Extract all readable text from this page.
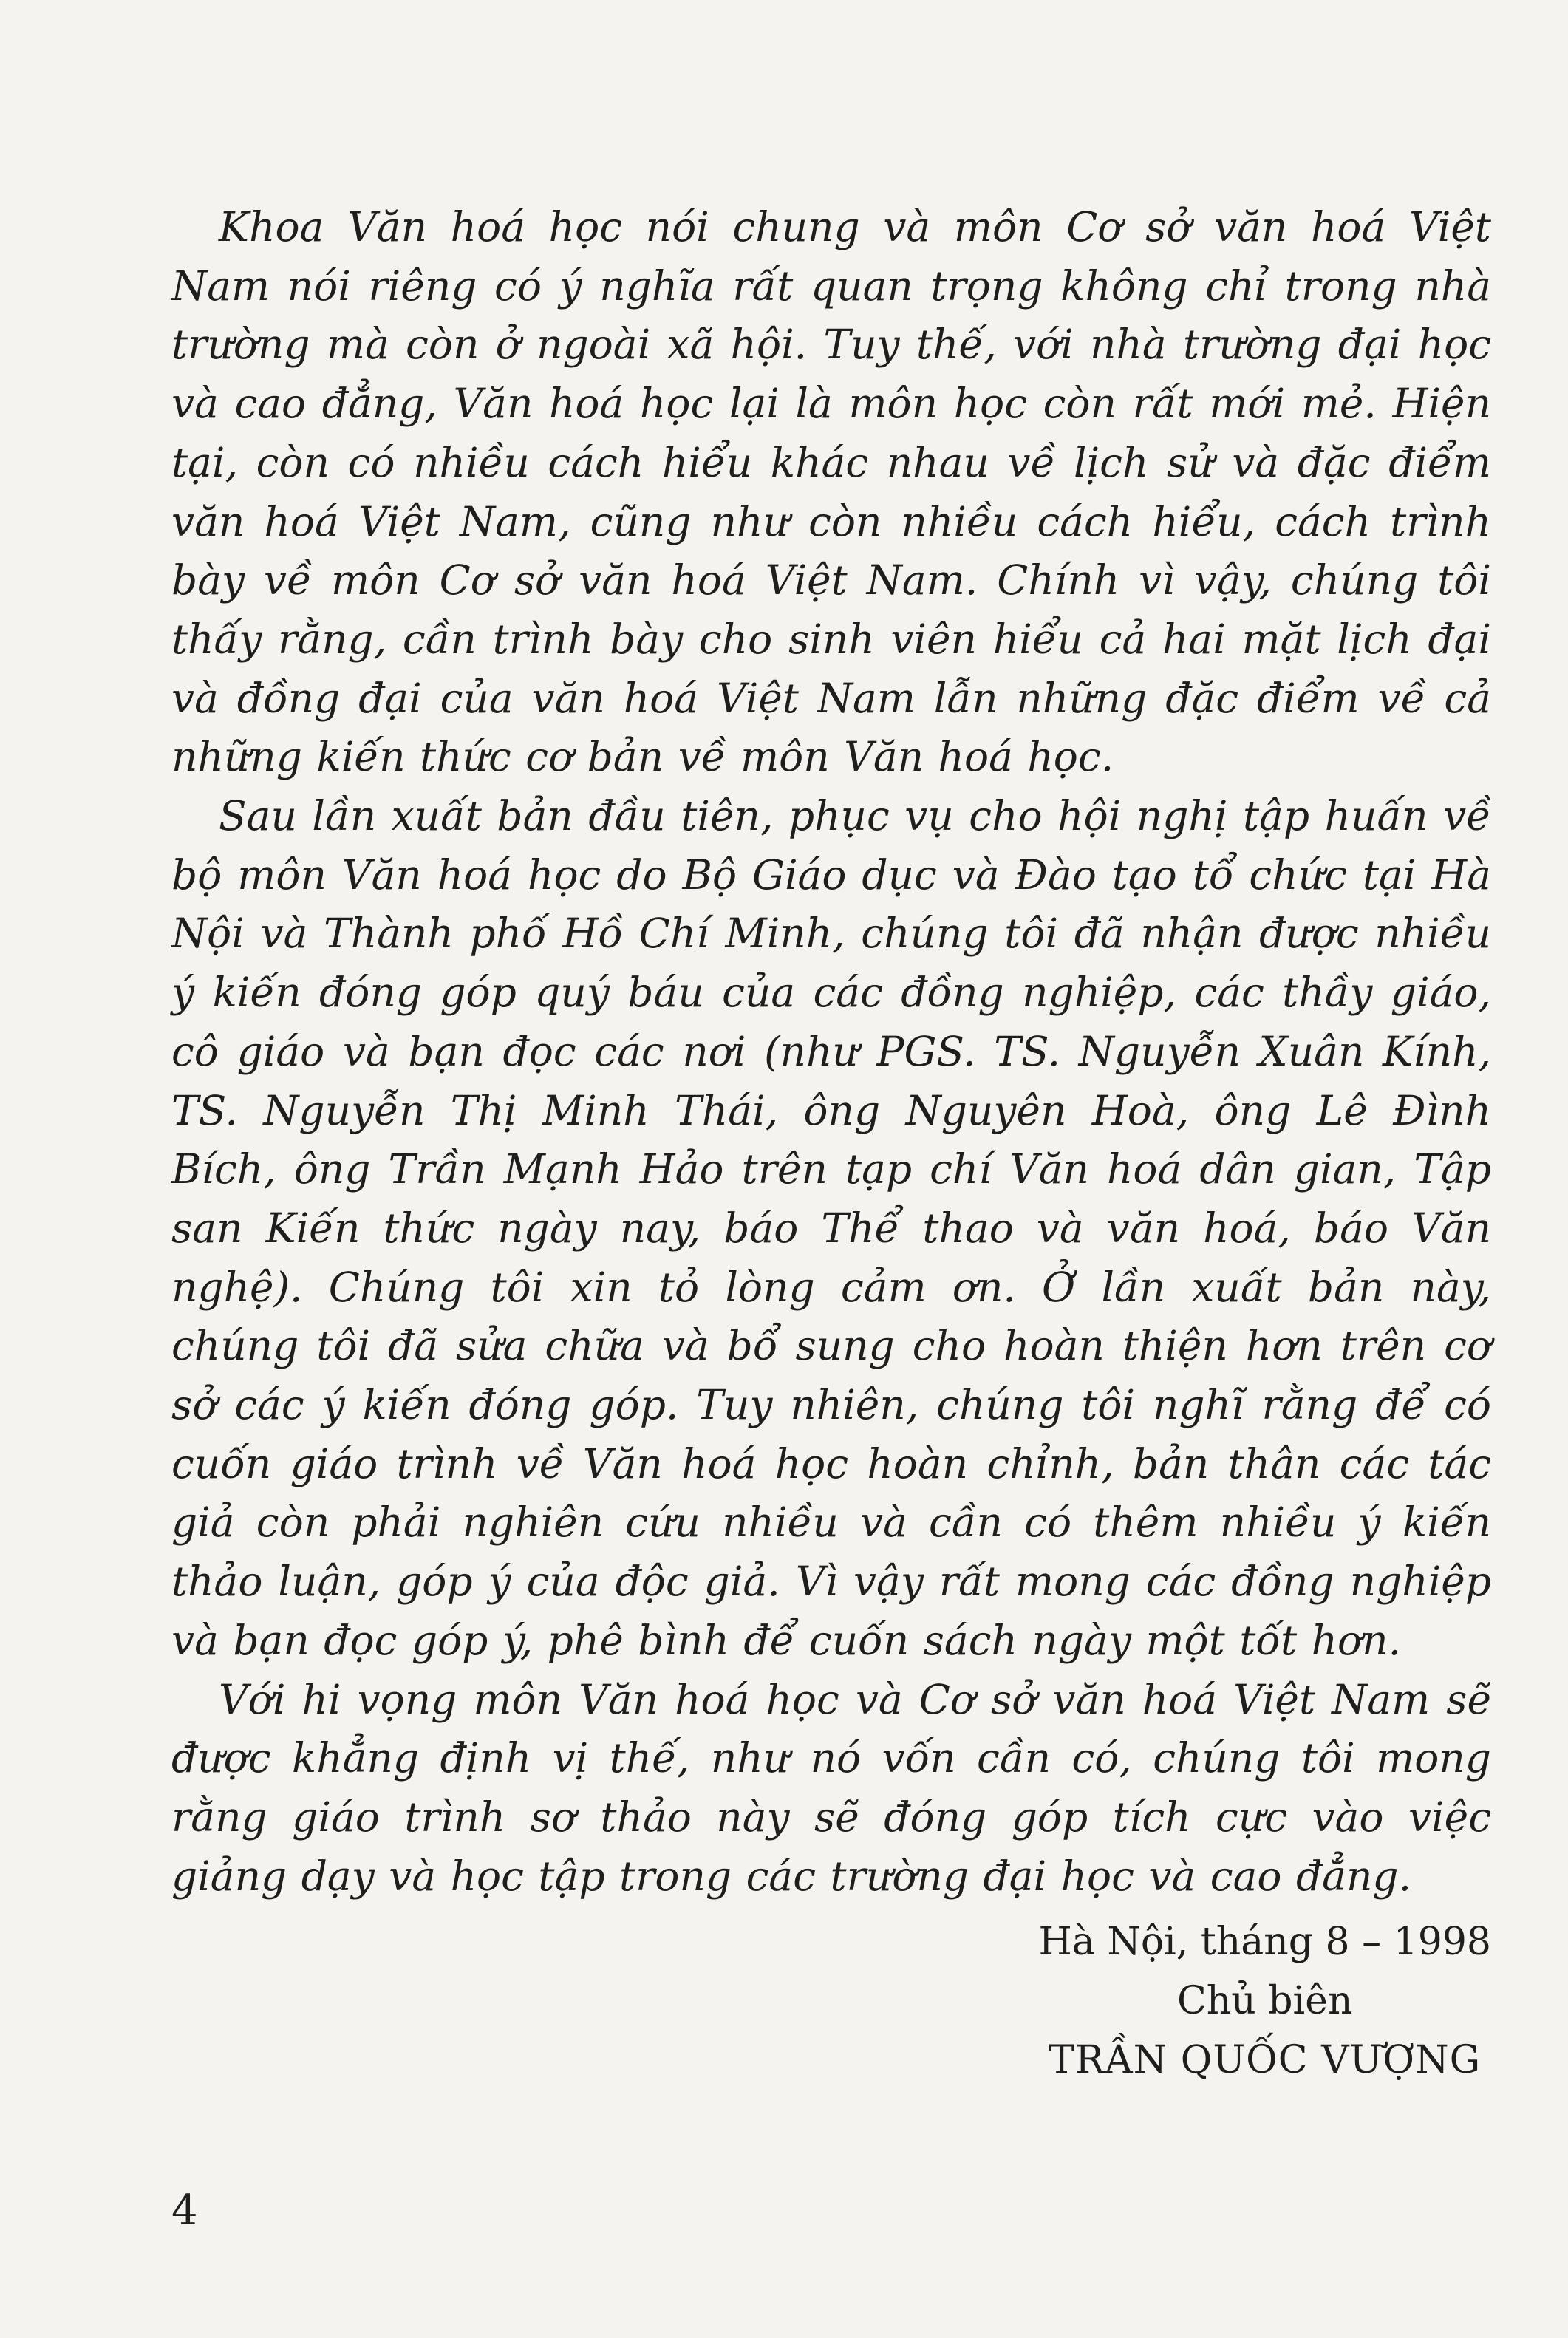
Khoa Văn hoá học nói chung và môn Cơ sở văn hoá Việt Nam nói riêng có ý nghĩa rất quan trọng không chỉ trong nhà trường mà còn ở ngoài xã hội. Tuy thế, với nhà trường đại học và cao đẳng, Văn hoá học lại là môn học còn rất mới mẻ. Hiện tại, còn có nhiều cách hiểu khác nhau về lịch sử và đặc điểm văn hoá Việt Nam, cũng như còn nhiều cách hiểu, cách trình bày về môn Cơ sở văn hoá Việt Nam. Chính vì vậy, chúng tôi thấy rằng, cần trình bày cho sinh viên hiểu cả hai mặt lịch đại và đồng đại của văn hoá Việt Nam lẫn những đặc điểm về cả những kiến thức cơ bản về môn Văn hoá học.

Sau lần xuất bản đầu tiên, phục vụ cho hội nghị tập huấn về bộ môn Văn hoá học do Bộ Giáo dục và Đào tạo tổ chức tại Hà Nội và Thành phố Hồ Chí Minh, chúng tôi đã nhận được nhiều ý kiến đóng góp quý báu của các đồng nghiệp, các thầy giáo, cô giáo và bạn đọc các nơi (như PGS. TS. Nguyễn Xuân Kính, TS. Nguyễn Thị Minh Thái, ông Nguyên Hoà, ông Lê Đình Bích, ông Trần Mạnh Hảo trên tạp chí Văn hoá dân gian, Tập san Kiến thức ngày nay, báo Thể thao và văn hoá, báo Văn nghệ). Chúng tôi xin tỏ lòng cảm ơn. Ở lần xuất bản này, chúng tôi đã sửa chữa và bổ sung cho hoàn thiện hơn trên cơ sở các ý kiến đóng góp. Tuy nhiên, chúng tôi nghĩ rằng để có cuốn giáo trình về Văn hoá học hoàn chỉnh, bản thân các tác giả còn phải nghiên cứu nhiều và cần có thêm nhiều ý kiến thảo luận, góp ý của độc giả. Vì vậy rất mong các đồng nghiệp và bạn đọc góp ý, phê bình để cuốn sách ngày một tốt hơn.

Với hi vọng môn Văn hoá học và Cơ sở văn hoá Việt Nam sẽ được khẳng định vị thế, như nó vốn cần có, chúng tôi mong rằng giáo trình sơ thảo này sẽ đóng góp tích cực vào việc giảng dạy và học tập trong các trường đại học và cao đẳng.

Hà Nội, tháng 8 – 1998
Chủ biên
TRẦN QUỐC VƯỢNG
4
